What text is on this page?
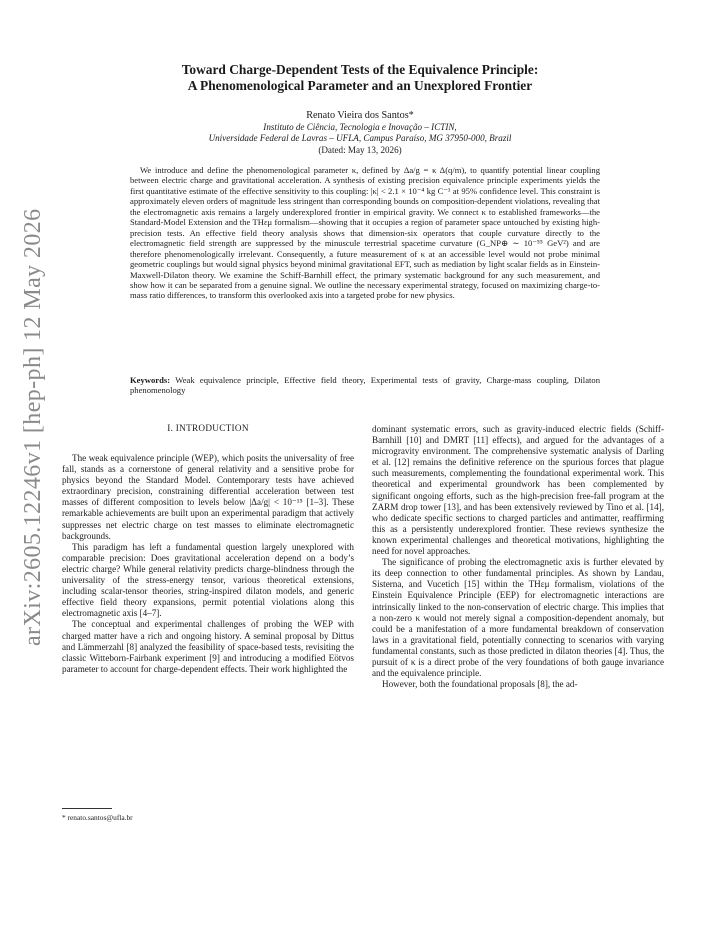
arXiv:2605.12246v1 [hep-ph] 12 May 2026
Toward Charge-Dependent Tests of the Equivalence Principle:
A Phenomenological Parameter and an Unexplored Frontier
Renato Vieira dos Santos*
Instituto de Ciência, Tecnologia e Inovação – ICTIN,
Universidade Federal de Lavras – UFLA, Campus Paraíso, MG 37950-000, Brazil
(Dated: May 13, 2026)
We introduce and define the phenomenological parameter κ, defined by Δa/g = κ Δ(q/m), to quantify potential linear coupling between electric charge and gravitational acceleration. A synthesis of existing precision equivalence principle experiments yields the first quantitative estimate of the effective sensitivity to this coupling: |κ| < 2.1 × 10⁻⁴ kg C⁻¹ at 95% confidence level. This constraint is approximately eleven orders of magnitude less stringent than corresponding bounds on composition-dependent violations, revealing that the electromagnetic axis remains a largely underexplored frontier in empirical gravity. We connect κ to established frameworks—the Standard-Model Extension and the THεμ formalism—showing that it occupies a region of parameter space untouched by existing high-precision tests. An effective field theory analysis shows that dimension-six operators that couple curvature directly to the electromagnetic field strength are suppressed by the minuscule terrestrial spacetime curvature (G_NP⊕ ∼ 10⁻⁵⁵ GeV²) and are therefore phenomenologically irrelevant. Consequently, a future measurement of κ at an accessible level would not probe minimal geometric couplings but would signal physics beyond minimal gravitational EFT, such as mediation by light scalar fields as in Einstein-Maxwell-Dilaton theory. We examine the Schiff-Barnhill effect, the primary systematic background for any such measurement, and show how it can be separated from a genuine signal. We outline the necessary experimental strategy, focused on maximizing charge-to-mass ratio differences, to transform this overlooked axis into a targeted probe for new physics.
Keywords: Weak equivalence principle, Effective field theory, Experimental tests of gravity, Charge-mass coupling, Dilaton phenomenology
I. INTRODUCTION

The weak equivalence principle (WEP), which posits the universality of free fall, stands as a cornerstone of general relativity and a sensitive probe for physics beyond the Standard Model. Contemporary tests have achieved extraordinary precision, constraining differential acceleration between test masses of different composition to levels below |Δa/g| < 10⁻¹⁵ [1–3]. These remarkable achievements are built upon an experimental paradigm that actively suppresses net electric charge on test masses to eliminate electromagnetic backgrounds.

This paradigm has left a fundamental question largely unexplored with comparable precision: Does gravitational acceleration depend on a body’s electric charge? While general relativity predicts charge-blindness through the universality of the stress-energy tensor, various theoretical extensions, including scalar-tensor theories, string-inspired dilaton models, and generic effective field theory expansions, permit potential violations along this electromagnetic axis [4–7].

The conceptual and experimental challenges of probing the WEP with charged matter have a rich and ongoing history. A seminal proposal by Dittus and Lämmerzahl [8] analyzed the feasibility of space-based tests, revisiting the classic Witteborn-Fairbank experiment [9] and introducing a modified Eötvos parameter to account for charge-dependent effects. Their work highlighted the

dominant systematic errors, such as gravity-induced electric fields (Schiff-Barnhill [10] and DMRT [11] effects), and argued for the advantages of a microgravity environment. The comprehensive systematic analysis of Darling et al. [12] remains the definitive reference on the spurious forces that plague such measurements, complementing the foundational experimental work. This theoretical and experimental groundwork has been complemented by significant ongoing efforts, such as the high-precision free-fall program at the ZARM drop tower [13], and has been extensively reviewed by Tino et al. [14], who dedicate specific sections to charged particles and antimatter, reaffirming this as a persistently underexplored frontier. These reviews synthesize the known experimental challenges and theoretical motivations, highlighting the need for novel approaches.

The significance of probing the electromagnetic axis is further elevated by its deep connection to other fundamental principles. As shown by Landau, Sisterna, and Vucetich [15] within the THεμ formalism, violations of the Einstein Equivalence Principle (EEP) for electromagnetic interactions are intrinsically linked to the non-conservation of electric charge. This implies that a non-zero κ would not merely signal a composition-dependent anomaly, but could be a manifestation of a more fundamental breakdown of conservation laws in a gravitational field, potentially connecting to scenarios with varying fundamental constants, such as those predicted in dilaton theories [4]. Thus, the pursuit of κ is a direct probe of the very foundations of both gauge invariance and the equivalence principle.

However, both the foundational proposals [8], the ad-

* renato.santos@ufla.br
